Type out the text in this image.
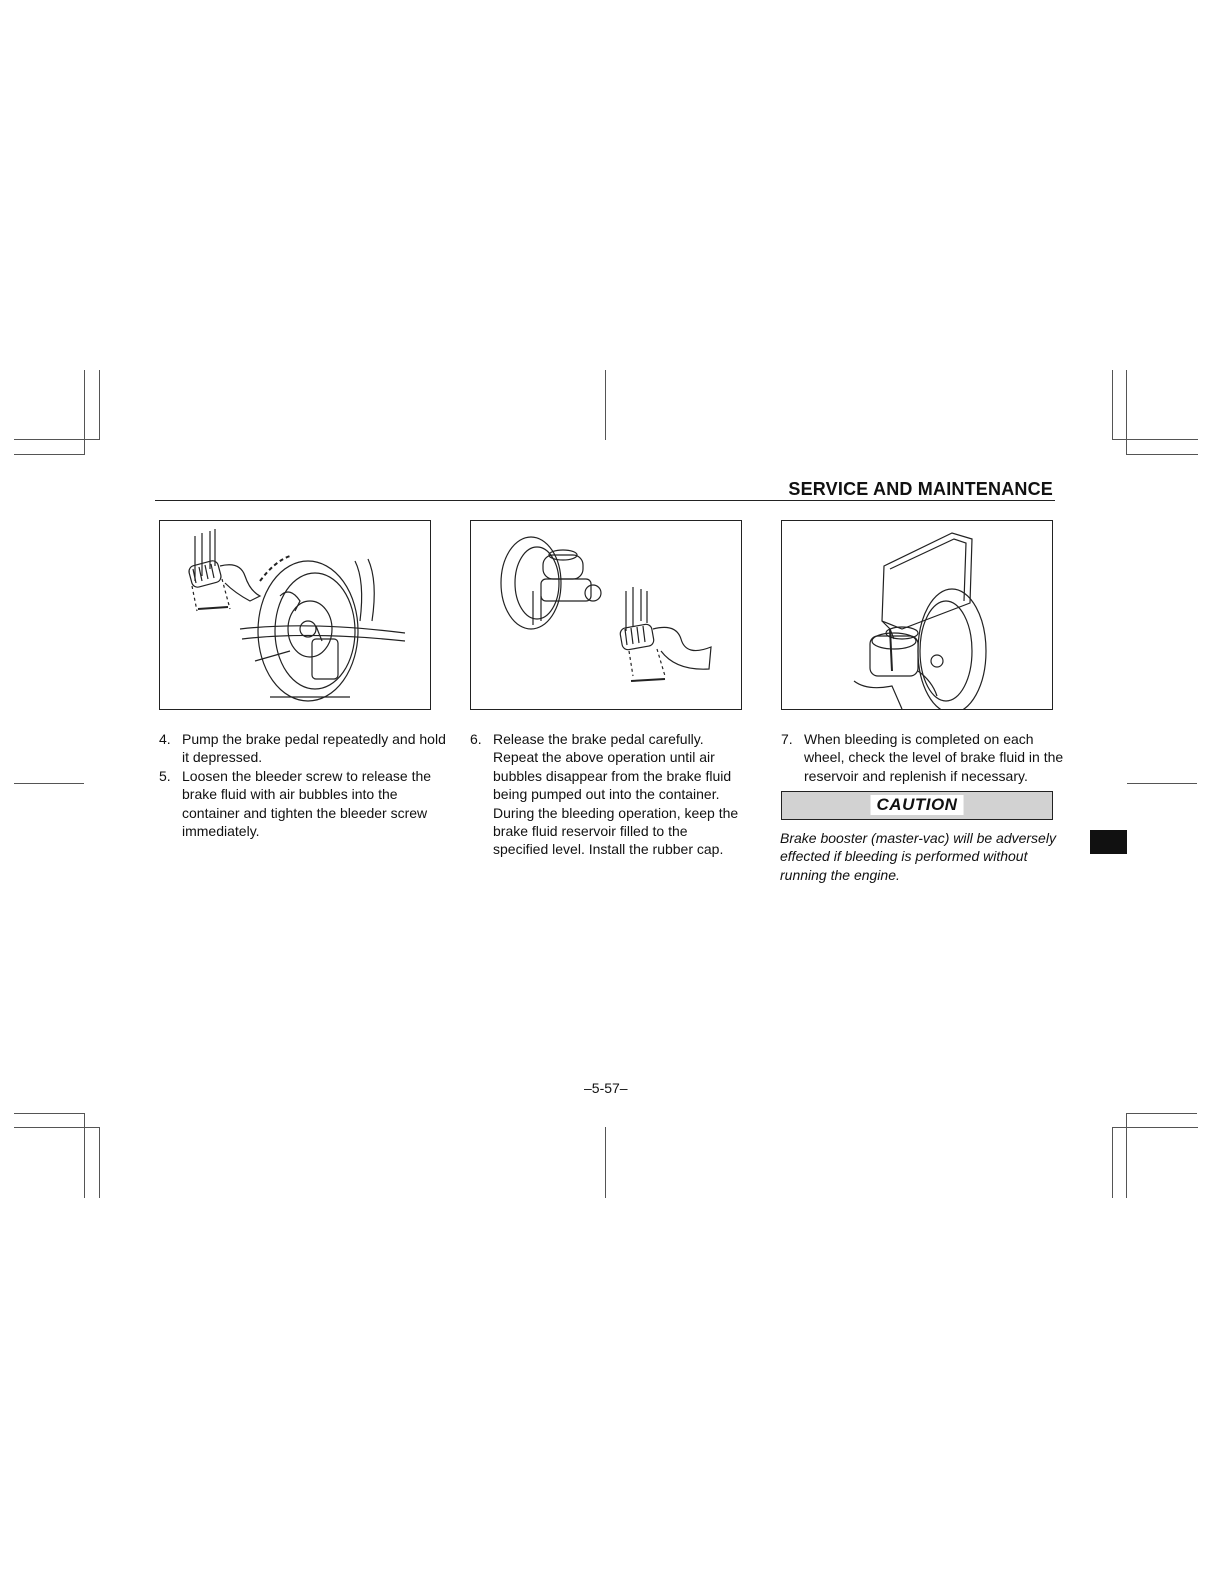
SERVICE AND MAINTENANCE
4. Pump the brake pedal repeatedly and hold it depressed.
5. Loosen the bleeder screw to release the brake fluid with air bubbles into the container and tighten the bleeder screw immediately.
6. Release the brake pedal carefully. Repeat the above operation until air bubbles disappear from the brake fluid being pumped out into the container. During the bleeding operation, keep the brake fluid reservoir filled to the specified level. Install the rubber cap.
7. When bleeding is completed on each wheel, check the level of brake fluid in the reservoir and replenish if necessary.
CAUTION
Brake booster (master-vac) will be adversely effected if bleeding is performed without running the engine.
–5-57–
